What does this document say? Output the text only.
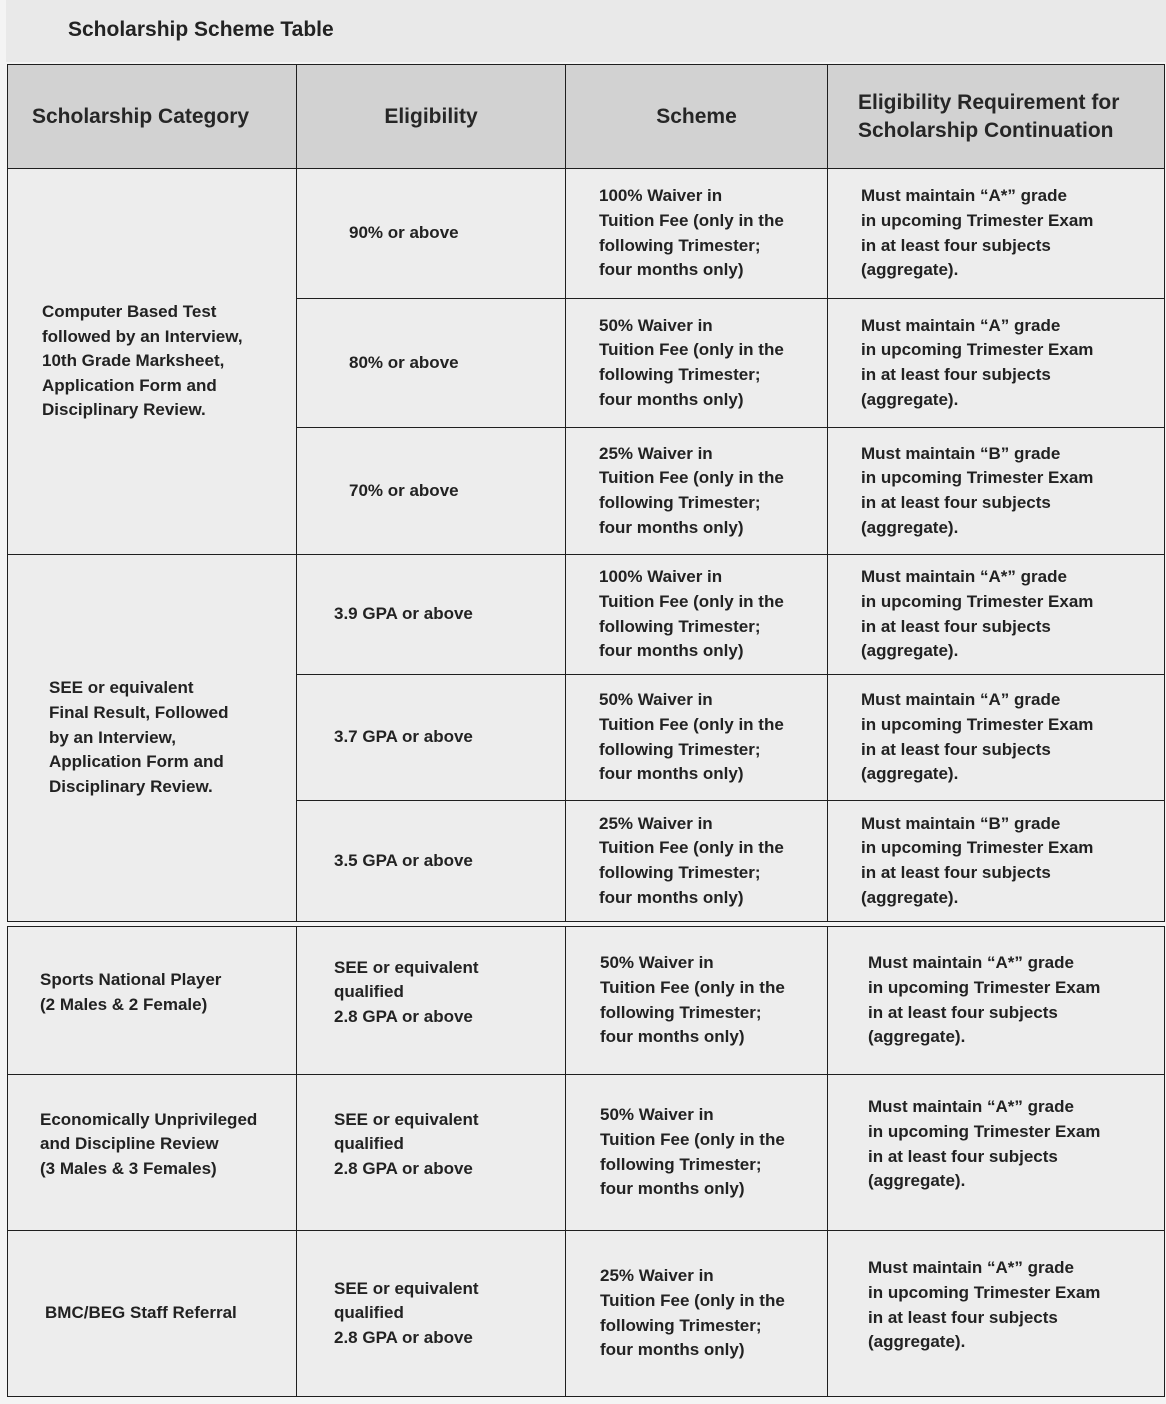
Scholarship Scheme Table
Scholarship Category	Eligibility	Scheme	Eligibility Requirement for
Scholarship Continuation

Computer Based Test
followed by an Interview,
10th Grade Marksheet,
Application Form and
Disciplinary Review.	90% or above	100% Waiver in
Tuition Fee (only in the
following Trimester;
four months only)	Must maintain “A*” grade
in upcoming Trimester Exam
in at least four subjects
(aggregate).

	80% or above	50% Waiver in
Tuition Fee (only in the
following Trimester;
four months only)	Must maintain “A” grade
in upcoming Trimester Exam
in at least four subjects
(aggregate).

	70% or above	25% Waiver in
Tuition Fee (only in the
following Trimester;
four months only)	Must maintain “B” grade
in upcoming Trimester Exam
in at least four subjects
(aggregate).

SEE or equivalent
Final Result, Followed
by an Interview,
Application Form and
Disciplinary Review.	3.9 GPA or above	100% Waiver in
Tuition Fee (only in the
following Trimester;
four months only)	Must maintain “A*” grade
in upcoming Trimester Exam
in at least four subjects
(aggregate).

	3.7 GPA or above	50% Waiver in
Tuition Fee (only in the
following Trimester;
four months only)	Must maintain “A” grade
in upcoming Trimester Exam
in at least four subjects
(aggregate).

	3.5 GPA or above	25% Waiver in
Tuition Fee (only in the
following Trimester;
four months only)	Must maintain “B” grade
in upcoming Trimester Exam
in at least four subjects
(aggregate).
Sports National Player
(2 Males & 2 Female)	SEE or equivalent
qualified
2.8 GPA or above	50% Waiver in
Tuition Fee (only in the
following Trimester;
four months only)	Must maintain “A*” grade
in upcoming Trimester Exam
in at least four subjects
(aggregate).

Economically Unprivileged
and Discipline Review
(3 Males & 3 Females)	SEE or equivalent
qualified
2.8 GPA or above	50% Waiver in
Tuition Fee (only in the
following Trimester;
four months only)	Must maintain “A*” grade
in upcoming Trimester Exam
in at least four subjects
(aggregate).

BMC/BEG Staff Referral	SEE or equivalent
qualified
2.8 GPA or above	25% Waiver in
Tuition Fee (only in the
following Trimester;
four months only)	Must maintain “A*” grade
in upcoming Trimester Exam
in at least four subjects
(aggregate).
